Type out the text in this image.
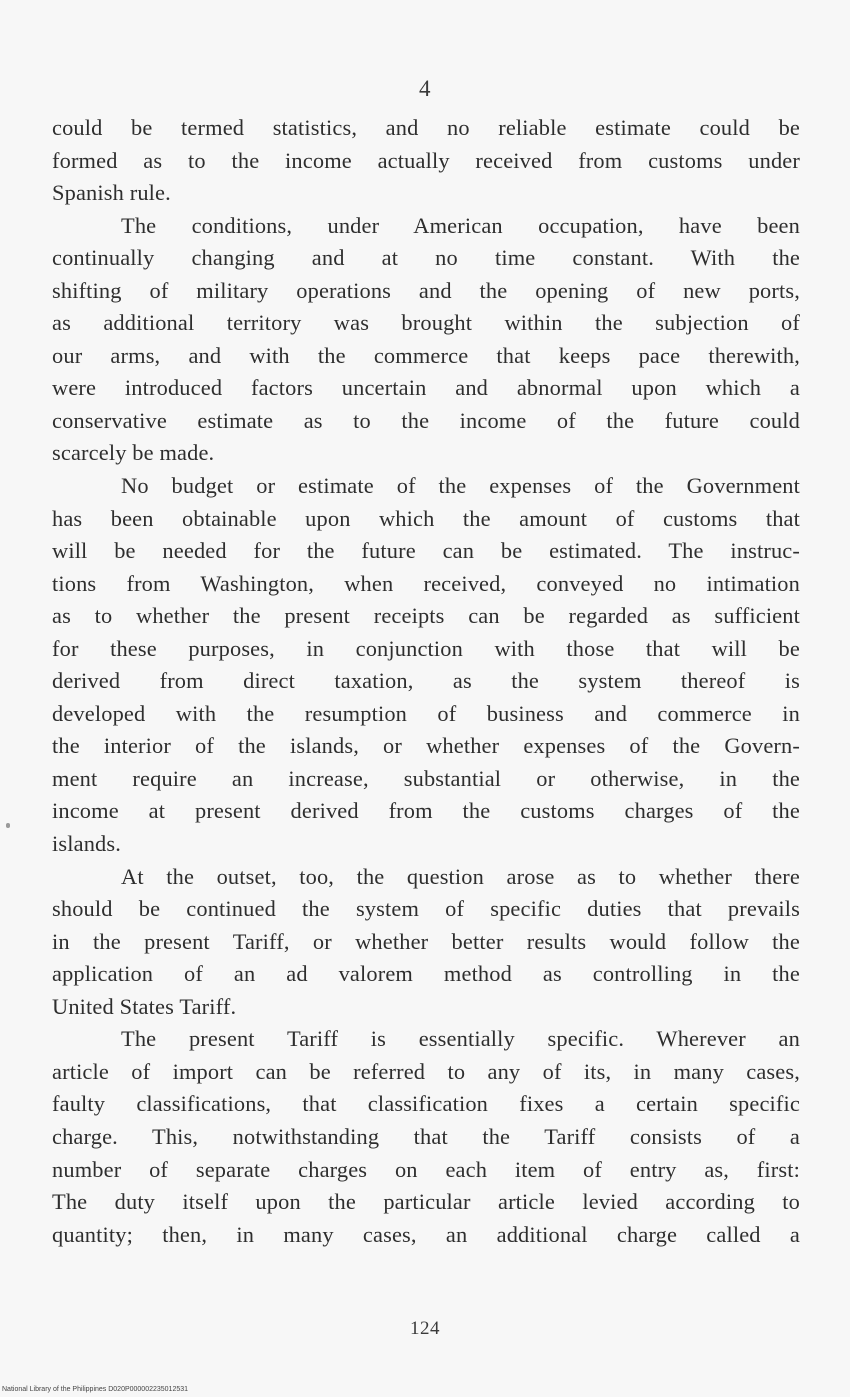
4
could be termed statistics, and no reliable estimate could be
formed as to the income actually received from customs under
Spanish rule.
The conditions, under American occupation, have been
continually changing and at no time constant. With the
shifting of military operations and the opening of new ports,
as additional territory was brought within the subjection of
our arms, and with the commerce that keeps pace therewith,
were introduced factors uncertain and abnormal upon which a
conservative estimate as to the income of the future could
scarcely be made.
No budget or estimate of the expenses of the Government
has been obtainable upon which the amount of customs that
will be needed for the future can be estimated. The instruc-
tions from Washington, when received, conveyed no intimation
as to whether the present receipts can be regarded as sufficient
for these purposes, in conjunction with those that will be
derived from direct taxation, as the system thereof is
developed with the resumption of business and commerce in
the interior of the islands, or whether expenses of the Govern-
ment require an increase, substantial or otherwise, in the
income at present derived from the customs charges of the
islands.
At the outset, too, the question arose as to whether there
should be continued the system of specific duties that prevails
in the present Tariff, or whether better results would follow the
application of an ad valorem method as controlling in the
United States Tariff.
The present Tariff is essentially specific. Wherever an
article of import can be referred to any of its, in many cases,
faulty classifications, that classification fixes a certain specific
charge. This, notwithstanding that the Tariff consists of a
number of separate charges on each item of entry as, first:
The duty itself upon the particular article levied according to
quantity; then, in many cases, an additional charge called a
124
National Library of the Philippines D020P000002235012531
